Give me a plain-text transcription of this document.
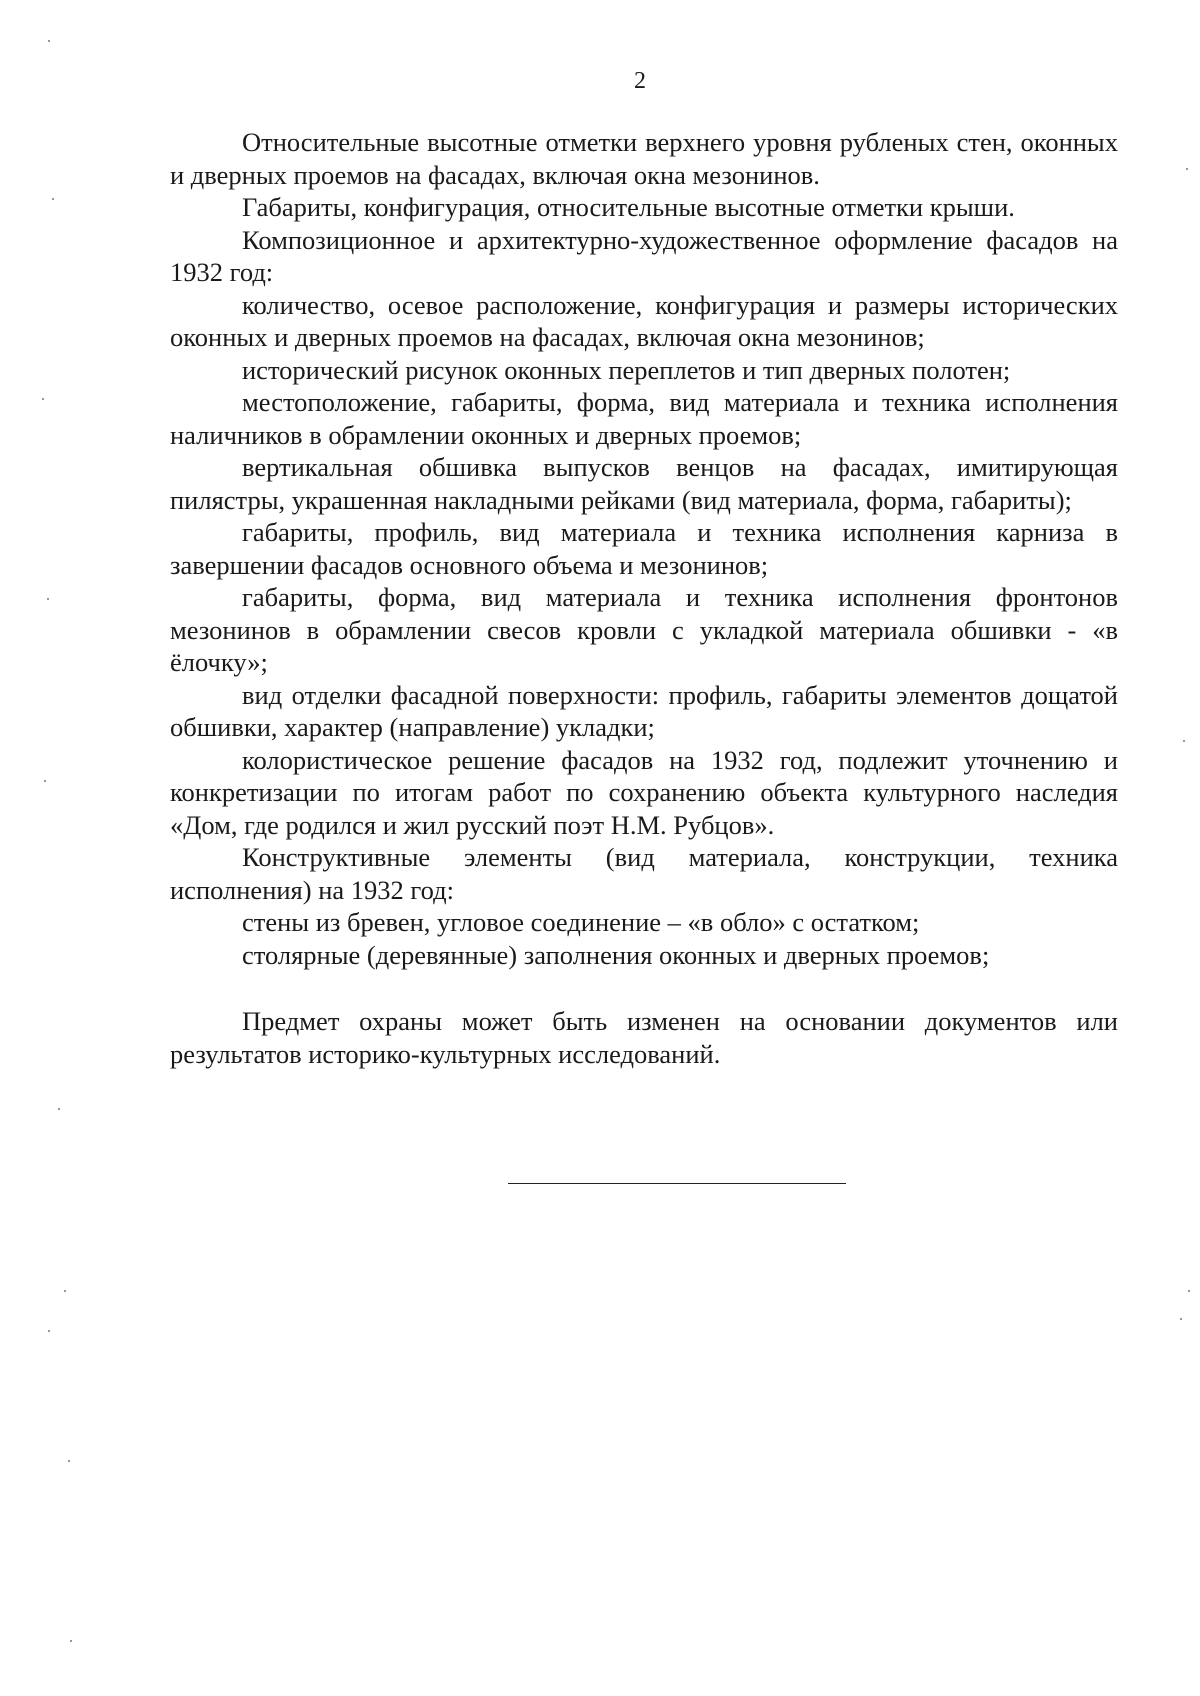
2

Относительные высотные отметки верхнего уровня рубленых стен, оконных и дверных проемов на фасадах, включая окна мезонинов.

Габариты, конфигурация, относительные высотные отметки крыши.

Композиционное и архитектурно-художественное оформление фасадов на 1932 год:

количество, осевое расположение, конфигурация и размеры исторических оконных и дверных проемов на фасадах, включая окна мезонинов;

исторический рисунок оконных переплетов и тип дверных полотен;

местоположение, габариты, форма, вид материала и техника исполнения наличников в обрамлении оконных и дверных проемов;

вертикальная обшивка выпусков венцов на фасадах, имитирующая пилястры, украшенная накладными рейками (вид материала, форма, габариты);

габариты, профиль, вид материала и техника исполнения карниза в завершении фасадов основного объема и мезонинов;

габариты, форма, вид материала и техника исполнения фронтонов мезонинов в обрамлении свесов кровли с укладкой материала обшивки - «в ёлочку»;

вид отделки фасадной поверхности: профиль, габариты элементов дощатой обшивки, характер (направление) укладки;

колористическое решение фасадов на 1932 год, подлежит уточнению и конкретизации по итогам работ по сохранению объекта культурного наследия «Дом, где родился и жил русский поэт Н.М. Рубцов».

Конструктивные элементы (вид материала, конструкции, техника исполнения) на 1932 год:

стены из бревен, угловое соединение – «в обло» с остатком;

столярные (деревянные) заполнения оконных и дверных проемов;

Предмет охраны может быть изменен на основании документов или результатов историко-культурных исследований.
